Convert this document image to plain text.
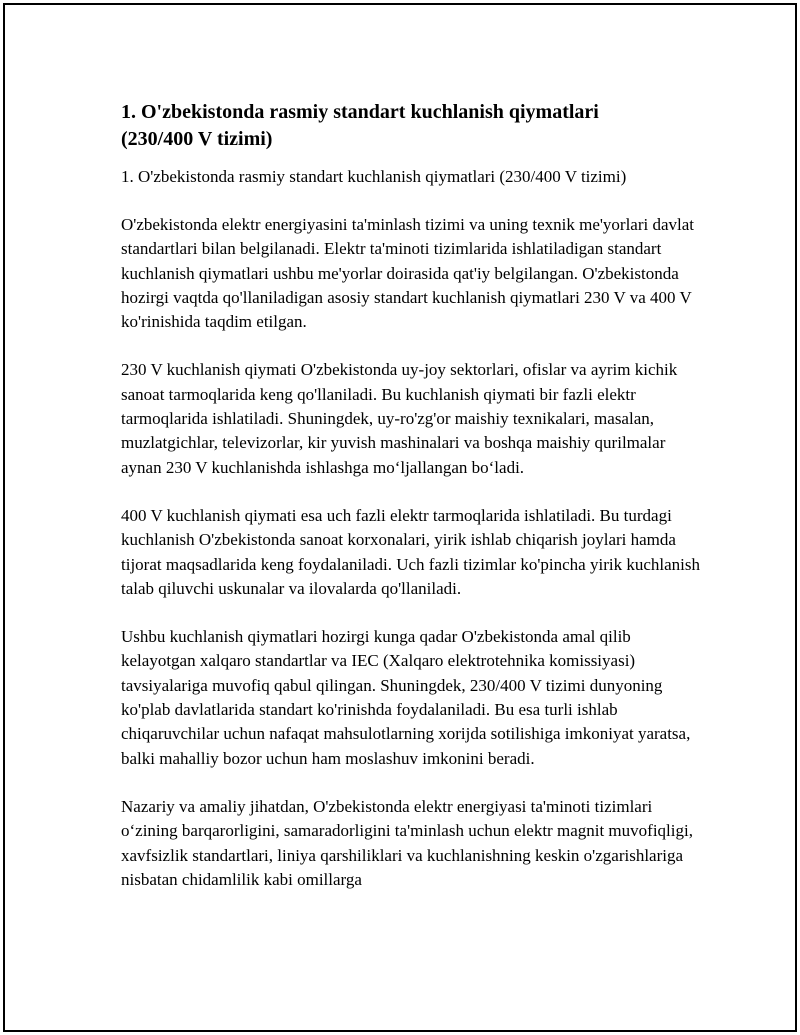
1. O'zbekistonda rasmiy standart kuchlanish qiymatlari
(230/400 V tizimi)

1. O'zbekistonda rasmiy standart kuchlanish qiymatlari (230/400 V tizimi)

O'zbekistonda elektr energiyasini ta'minlash tizimi va uning texnik me'yorlari davlat standartlari bilan belgilanadi. Elektr ta'minoti tizimlarida ishlatiladigan standart kuchlanish qiymatlari ushbu me'yorlar doirasida qat'iy belgilangan. O'zbekistonda hozirgi vaqtda qo'llaniladigan asosiy standart kuchlanish qiymatlari 230 V va 400 V ko'rinishida taqdim etilgan.

230 V kuchlanish qiymati O'zbekistonda uy-joy sektorlari, ofislar va ayrim kichik sanoat tarmoqlarida keng qo'llaniladi. Bu kuchlanish qiymati bir fazli elektr tarmoqlarida ishlatiladi. Shuningdek, uy-ro'zg'or maishiy texnikalari, masalan, muzlatgichlar, televizorlar, kir yuvish mashinalari va boshqa maishiy qurilmalar aynan 230 V kuchlanishda ishlashga mo‘ljallangan bo‘ladi.

400 V kuchlanish qiymati esa uch fazli elektr tarmoqlarida ishlatiladi. Bu turdagi kuchlanish O'zbekistonda sanoat korxonalari, yirik ishlab chiqarish joylari hamda tijorat maqsadlarida keng foydalaniladi. Uch fazli tizimlar ko'pincha yirik kuchlanish talab qiluvchi uskunalar va ilovalarda qo'llaniladi.

Ushbu kuchlanish qiymatlari hozirgi kunga qadar O'zbekistonda amal qilib kelayotgan xalqaro standartlar va IEC (Xalqaro elektrotehnika komissiyasi) tavsiyalariga muvofiq qabul qilingan. Shuningdek, 230/400 V tizimi dunyoning ko'plab davlatlarida standart ko'rinishda foydalaniladi. Bu esa turli ishlab chiqaruvchilar uchun nafaqat mahsulotlarning xorijda sotilishiga imkoniyat yaratsa, balki mahalliy bozor uchun ham moslashuv imkonini beradi.

Nazariy va amaliy jihatdan, O'zbekistonda elektr energiyasi ta'minoti tizimlari o‘zining barqarorligini, samaradorligini ta'minlash uchun elektr magnit muvofiqligi, xavfsizlik standartlari, liniya qarshiliklari va kuchlanishning keskin o'zgarishlariga nisbatan chidamlilik kabi omillarga
